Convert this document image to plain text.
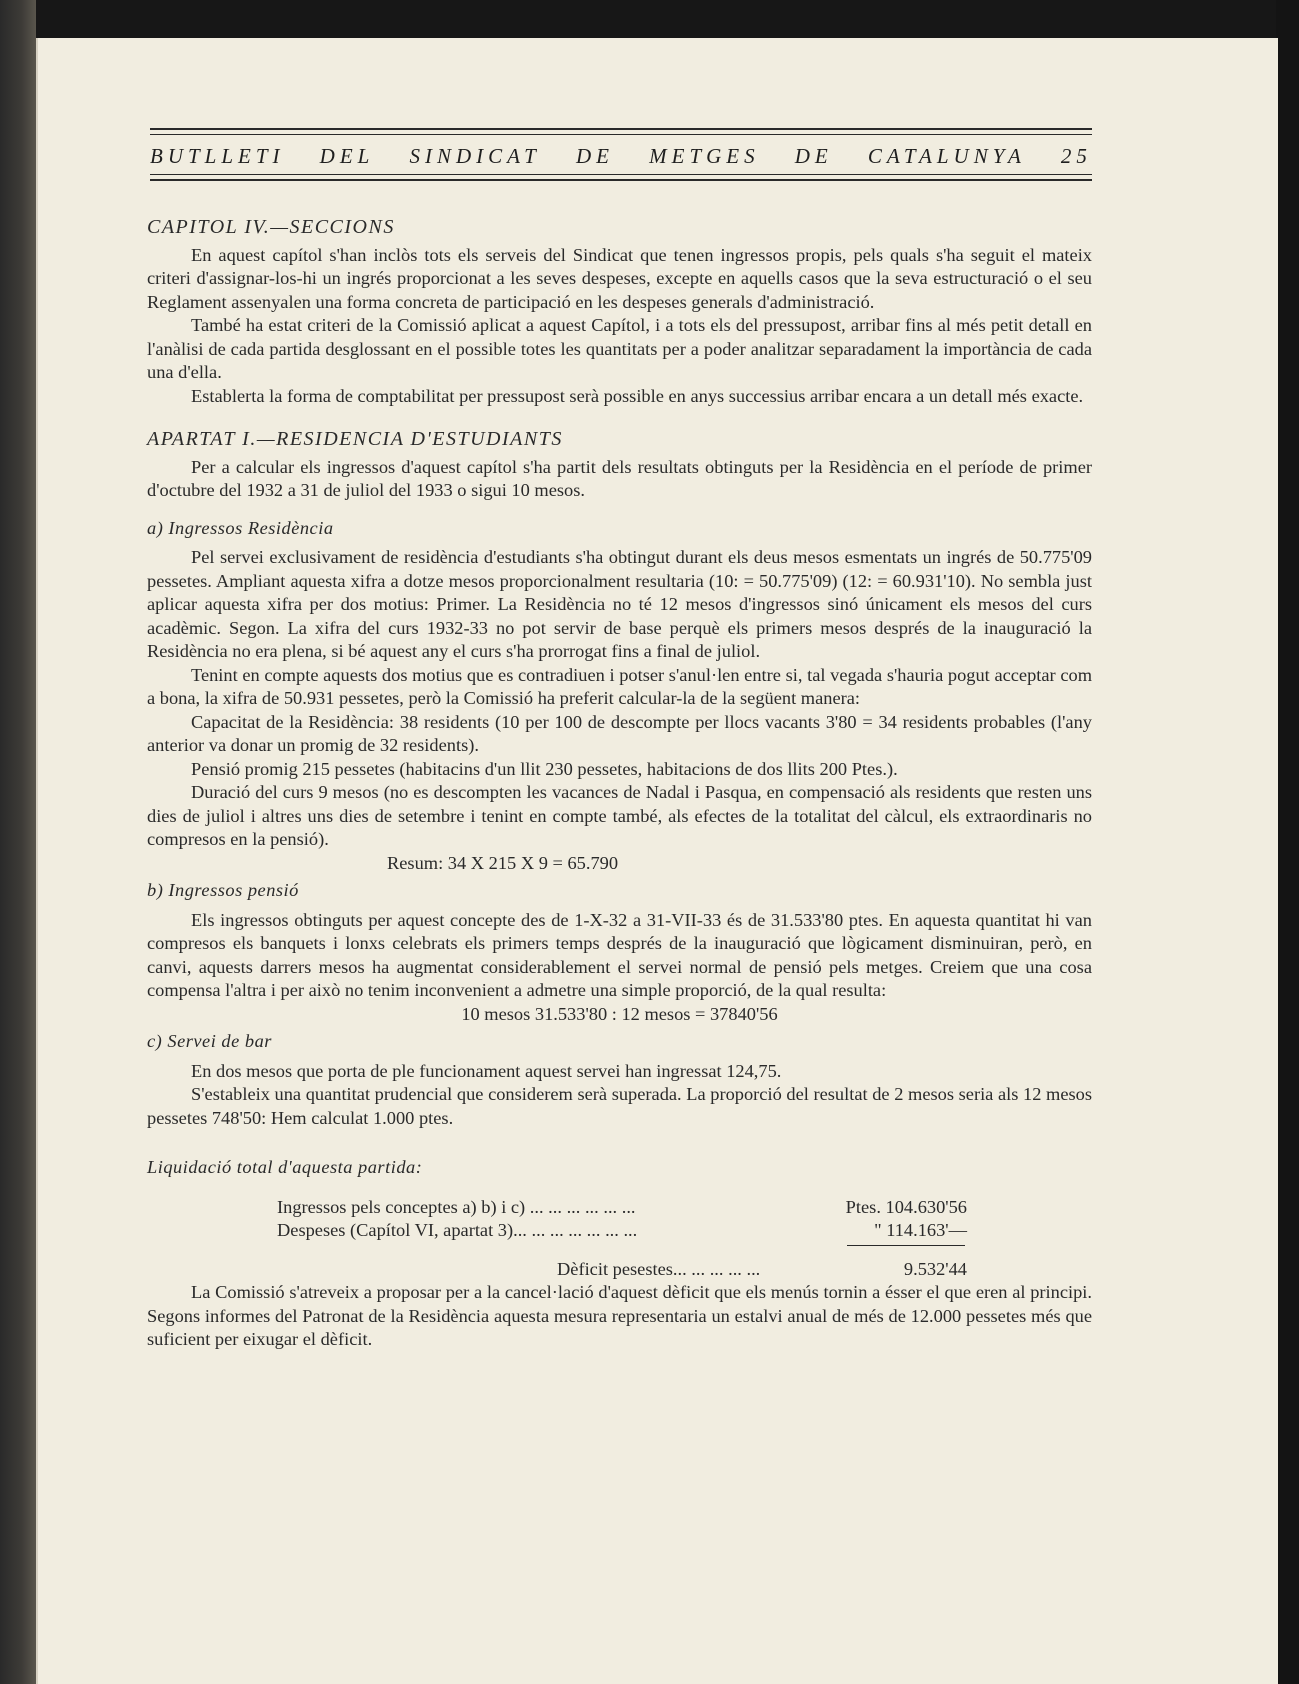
BUTLLETI DEL SINDICAT DE METGES DE CATALUNYA 25
CAPITOL IV.—SECCIONS

En aquest capítol s'han inclòs tots els serveis del Sindicat que tenen ingressos propis, pels quals s'ha seguit el mateix criteri d'assignar-los-hi un ingrés proporcionat a les seves despeses, excepte en aquells casos que la seva estructuració o el seu Reglament assenyalen una forma concreta de participació en les despeses generals d'administració.

També ha estat criteri de la Comissió aplicat a aquest Capítol, i a tots els del pressupost, arribar fins al més petit detall en l'anàlisi de cada partida desglossant en el possible totes les quantitats per a poder analitzar separadament la importància de cada una d'ella.

Establerta la forma de comptabilitat per pressupost serà possible en anys successius arribar encara a un detall més exacte.

APARTAT I.—RESIDENCIA D'ESTUDIANTS

Per a calcular els ingressos d'aquest capítol s'ha partit dels resultats obtinguts per la Residència en el període de primer d'octubre del 1932 a 31 de juliol del 1933 o sigui 10 mesos.

a) Ingressos Residència

Pel servei exclusivament de residència d'estudiants s'ha obtingut durant els deus mesos esmentats un ingrés de 50.775'09 pessetes. Ampliant aquesta xifra a dotze mesos proporcionalment resultaria (10: = 50.775'09) (12: = 60.931'10). No sembla just aplicar aquesta xifra per dos motius: Primer. La Residència no té 12 mesos d'ingressos sinó únicament els mesos del curs acadèmic. Segon. La xifra del curs 1932-33 no pot servir de base perquè els primers mesos després de la inauguració la Residència no era plena, si bé aquest any el curs s'ha prorrogat fins a final de juliol.

Tenint en compte aquests dos motius que es contradiuen i potser s'anul·len entre si, tal vegada s'hauria pogut acceptar com a bona, la xifra de 50.931 pessetes, però la Comissió ha preferit calcular-la de la següent manera:

Capacitat de la Residència: 38 residents (10 per 100 de descompte per llocs vacants 3'80 = 34 residents probables (l'any anterior va donar un promig de 32 residents).

Pensió promig 215 pessetes (habitacins d'un llit 230 pessetes, habitacions de dos llits 200 Ptes.).

Duració del curs 9 mesos (no es descompten les vacances de Nadal i Pasqua, en compensació als residents que resten uns dies de juliol i altres uns dies de setembre i tenint en compte també, als efectes de la totalitat del càlcul, els extraordinaris no compresos en la pensió).

Resum: 34 X 215 X 9 = 65.790

b) Ingressos pensió

Els ingressos obtinguts per aquest concepte des de 1-X-32 a 31-VII-33 és de 31.533'80 ptes. En aquesta quantitat hi van compresos els banquets i lonxs celebrats els primers temps després de la inauguració que lògicament disminuiran, però, en canvi, aquests darrers mesos ha augmentat considerablement el servei normal de pensió pels metges. Creiem que una cosa compensa l'altra i per això no tenim inconvenient a admetre una simple proporció, de la qual resulta:

10 mesos 31.533'80 : 12 mesos = 37840'56

c) Servei de bar

En dos mesos que porta de ple funcionament aquest servei han ingressat 124,75.

S'estableix una quantitat prudencial que considerem serà superada. La proporció del resultat de 2 mesos seria als 12 mesos pessetes 748'50: Hem calculat 1.000 ptes.

Liquidació total d'aquesta partida:
Ingressos pels conceptes a) b) i c) ... ... ... ... ... ...	Ptes. 104.630'56
Despeses (Capítol VI, apartat 3)... ... ... ... ... ... ...	" 114.163'—
Dèficit pesestes... ... ... ... ...	9.532'44

La Comissió s'atreveix a proposar per a la cancel·lació d'aquest dèficit que els menús tornin a ésser el que eren al principi. Segons informes del Patronat de la Residència aquesta mesura representaria un estalvi anual de més de 12.000 pessetes més que suficient per eixugar el dèficit.
